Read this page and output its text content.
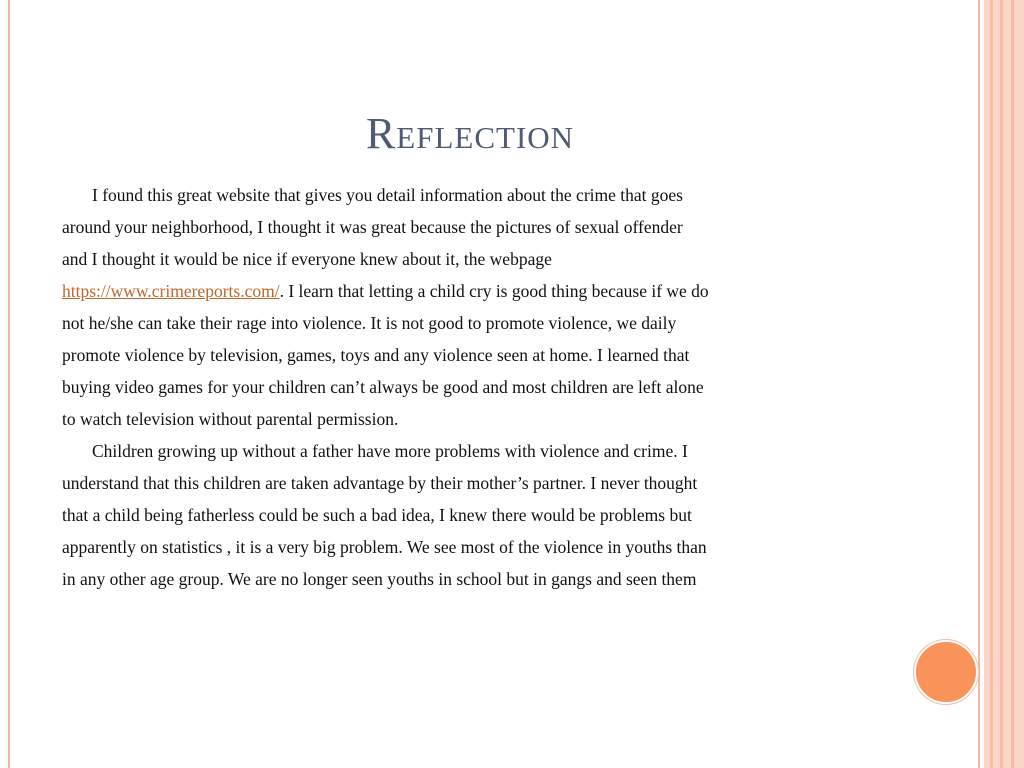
Reflection

I found this great website that gives you detail information about the crime that goes

around your neighborhood, I thought it was great because the pictures of sexual offender

and I thought it would be nice if everyone knew about it, the webpage

https://www.crimereports.com/. I learn that letting a child cry is good thing because if we do

not he/she can take their rage into violence. It is not good to promote violence, we daily

promote violence by television, games, toys and any violence seen at home. I learned that

buying video games for your children can’t always be good and most children are left alone

to watch television without parental permission.

Children growing up without a father have more problems with violence and crime. I

understand that this children are taken advantage by their mother’s partner. I never thought

that a child being fatherless could be such a bad idea, I knew there would be problems but

apparently on statistics , it is a very big problem. We see most of the violence in youths than

in any other age group. We are no longer seen youths in school but in gangs and seen them
